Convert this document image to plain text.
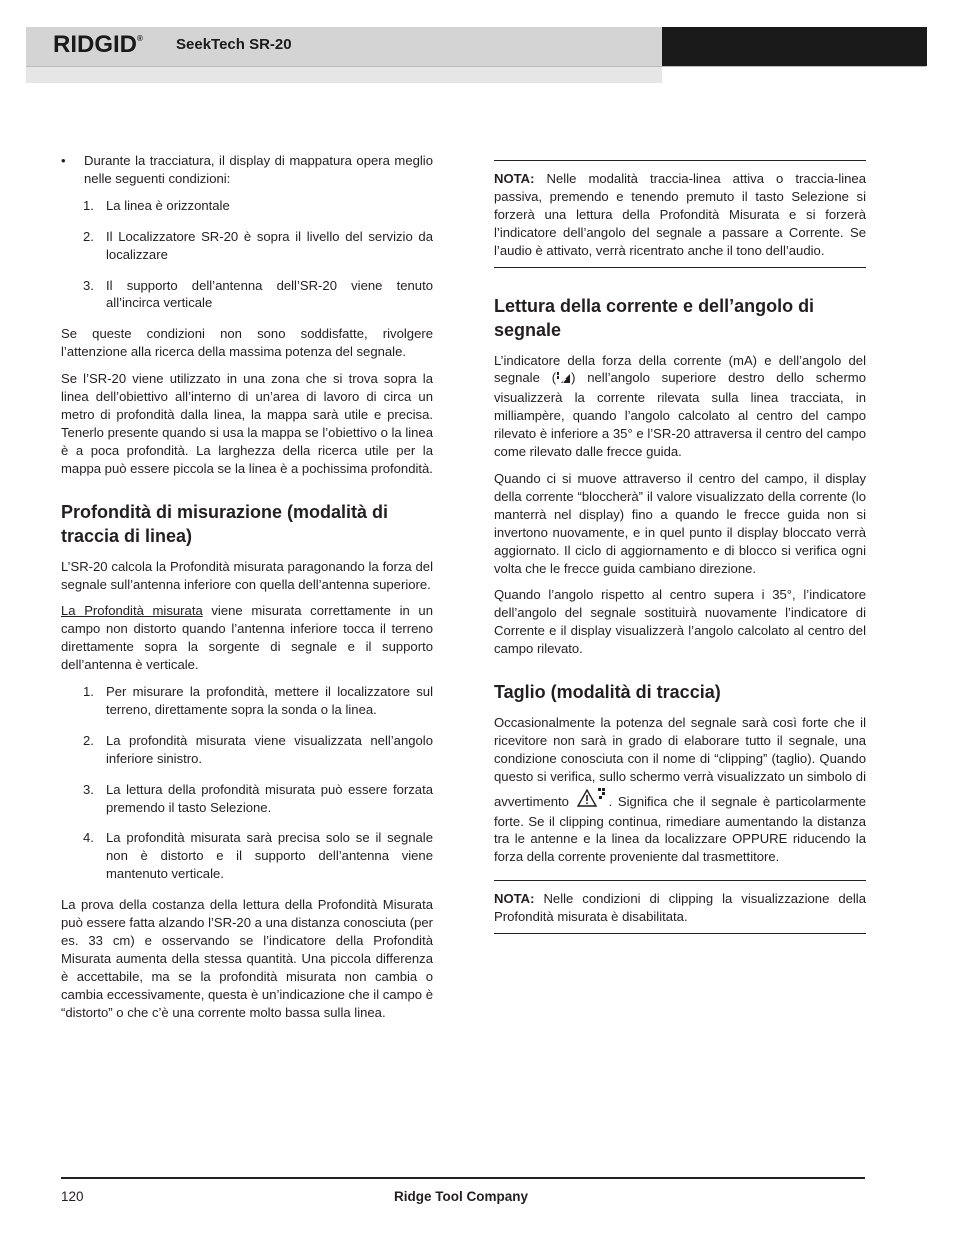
RIDGID® SeekTech SR-20
• Durante la tracciatura, il display di mappatura opera meglio nelle seguenti condizioni:
1. La linea è orizzontale
2. Il Localizzatore SR-20 è sopra il livello del servizio da localizzare
3. Il supporto dell’antenna dell’SR-20 viene tenuto all’incirca verticale

Se queste condizioni non sono soddisfatte, rivolgere l’attenzione alla ricerca della massima potenza del segnale.

Se l’SR-20 viene utilizzato in una zona che si trova sopra la linea dell’obiettivo all’interno di un’area di lavoro di circa un metro di profondità dalla linea, la mappa sarà utile e precisa. Tenerlo presente quando si usa la mappa se l’obiettivo o la linea è a poca profondità. La larghezza della ricerca utile per la mappa può essere piccola se la linea è a pochissima profondità.

Profondità di misurazione (modalità di traccia di linea)

L’SR-20 calcola la Profondità misurata paragonando la forza del segnale sull’antenna inferiore con quella dell’antenna superiore.

La Profondità misurata viene misurata correttamente in un campo non distorto quando l’antenna inferiore tocca il terreno direttamente sopra la sorgente di segnale e il supporto dell’antenna è verticale.

1. Per misurare la profondità, mettere il localizzatore sul terreno, direttamente sopra la sonda o la linea.
2. La profondità misurata viene visualizzata nell’angolo inferiore sinistro.
3. La lettura della profondità misurata può essere forzata premendo il tasto Selezione.
4. La profondità misurata sarà precisa solo se il segnale non è distorto e il supporto dell’antenna viene mantenuto verticale.

La prova della costanza della lettura della Profondità Misurata può essere fatta alzando l’SR-20 a una distanza conosciuta (per es. 33 cm) e osservando se l’indicatore della Profondità Misurata aumenta della stessa quantità. Una piccola differenza è accettabile, ma se la profondità misurata non cambia o cambia eccessivamente, questa è un’indicazione che il campo è “distorto” o che c’è una corrente molto bassa sulla linea.

NOTA: Nelle modalità traccia-linea attiva o traccia-linea passiva, premendo e tenendo premuto il tasto Selezione si forzerà una lettura della Profondità Misurata e si forzerà l’indicatore dell’angolo del segnale a passare a Corrente. Se l’audio è attivato, verrà ricentrato anche il tono dell’audio.
Lettura della corrente e dell’angolo di segnale

L’indicatore della forza della corrente (mA) e dell’angolo del segnale ( ) nell’angolo superiore destro dello schermo visualizzerà la corrente rilevata sulla linea tracciata, in milliampère, quando l’angolo calcolato al centro del campo rilevato è inferiore a 35° e l’SR-20 attraversa il centro del campo come rilevato dalle frecce guida.

Quando ci si muove attraverso il centro del campo, il display della corrente “bloccherà” il valore visualizzato della corrente (lo manterrà nel display) fino a quando le frecce guida non si invertono nuovamente, e in quel punto il display bloccato verrà aggiornato. Il ciclo di aggiornamento e di blocco si verifica ogni volta che le frecce guida cambiano direzione.

Quando l’angolo rispetto al centro supera i 35°, l’indicatore dell’angolo del segnale sostituirà nuovamente l’indicatore di Corrente e il display visualizzerà l’angolo calcolato al centro del campo rilevato.

Taglio (modalità di traccia)

Occasionalmente la potenza del segnale sarà così forte che il ricevitore non sarà in grado di elaborare tutto il segnale, una condizione conosciuta con il nome di “clipping” (taglio). Quando questo si verifica, sullo schermo verrà visualizzato un simbolo di avvertimento	. Significa che il segnale è particolarmente forte. Se il clipping continua, rimediare aumentando la distanza tra le antenne e la linea da localizzare OPPURE riducendo la forza della corrente proveniente dal trasmettitore.

NOTA: Nelle condizioni di clipping la visualizzazione della Profondità misurata è disabilitata.
120	Ridge Tool Company
